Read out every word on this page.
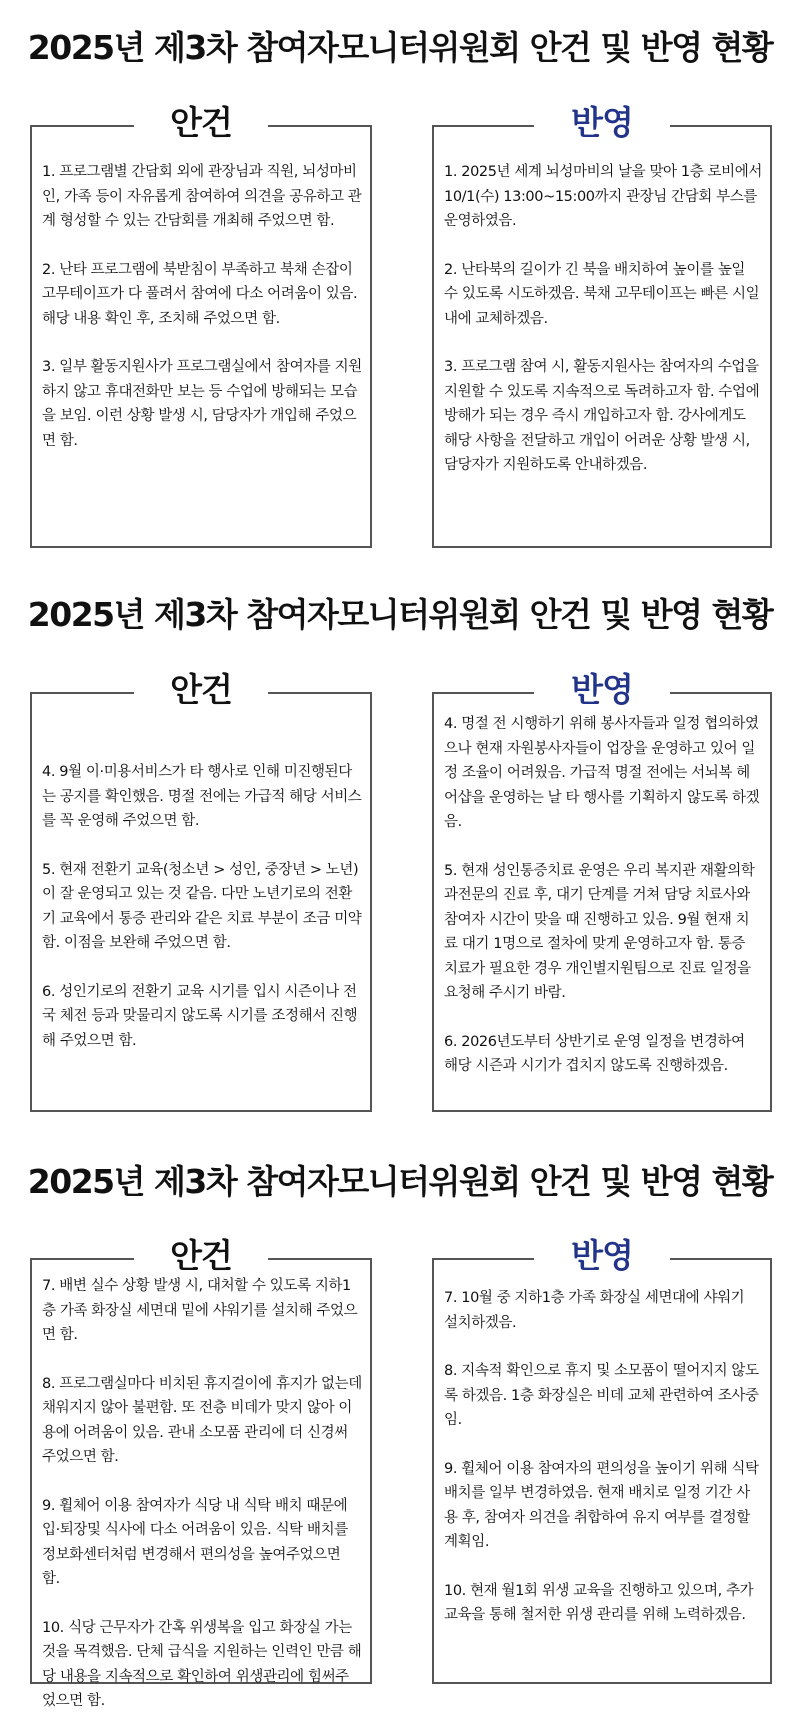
2025년 제3차 참여자모니터위원회 안건 및 반영 현황
안건
1. 프로그램별 간담회 외에 관장님과 직원, 뇌성마비인, 가족 등이 자유롭게 참여하여 의견을 공유하고 관계 형성할 수 있는 간담회를 개최해 주었으면 함.
2. 난타 프로그램에 북받침이 부족하고 북채 손잡이 고무테이프가 다 풀려서 참여에 다소 어려움이 있음. 해당 내용 확인 후, 조치해 주었으면 함.
3. 일부 활동지원사가 프로그램실에서 참여자를 지원하지 않고 휴대전화만 보는 등 수업에 방해되는 모습을 보임. 이런 상황 발생 시, 담당자가 개입해 주었으면 함.
반영
1. 2025년 세계 뇌성마비의 날을 맞아 1층 로비에서 10/1(수) 13:00~15:00까지 관장님 간담회 부스를 운영하였음.
2. 난타북의 길이가 긴 북을 배치하여 높이를 높일 수 있도록 시도하겠음. 북채 고무테이프는 빠른 시일 내에 교체하겠음.
3. 프로그램 참여 시, 활동지원사는 참여자의 수업을 지원할 수 있도록 지속적으로 독려하고자 함. 수업에 방해가 되는 경우 즉시 개입하고자 함. 강사에게도 해당 사항을 전달하고 개입이 어려운 상황 발생 시, 담당자가 지원하도록 안내하겠음.
2025년 제3차 참여자모니터위원회 안건 및 반영 현황
안건
4. 9월 이·미용서비스가 타 행사로 인해 미진행된다는 공지를 확인했음. 명절 전에는 가급적 해당 서비스를 꼭 운영해 주었으면 함.
5. 현재 전환기 교육(청소년 > 성인, 중장년 > 노년)이 잘 운영되고 있는 것 같음. 다만 노년기로의 전환기 교육에서 통증 관리와 같은 치료 부분이 조금 미약함. 이점을 보완해 주었으면 함.
6. 성인기로의 전환기 교육 시기를 입시 시즌이나 전국 체전 등과 맞물리지 않도록 시기를 조정해서 진행해 주었으면 함.
반영
4. 명절 전 시행하기 위해 봉사자들과 일정 협의하였으나 현재 자원봉사자들이 업장을 운영하고 있어 일정 조율이 어려웠음. 가급적 명절 전에는 서뇌복 헤어샵을 운영하는 날 타 행사를 기획하지 않도록 하겠음.
5. 현재 성인통증치료 운영은 우리 복지관 재활의학과전문의 진료 후, 대기 단계를 거쳐 담당 치료사와 참여자 시간이 맞을 때 진행하고 있음. 9월 현재 치료 대기 1명으로 절차에 맞게 운영하고자 함. 통증 치료가 필요한 경우 개인별지원팀으로 진료 일정을 요청해 주시기 바람.
6. 2026년도부터 상반기로 운영 일정을 변경하여 해당 시즌과 시기가 겹치지 않도록 진행하겠음.
2025년 제3차 참여자모니터위원회 안건 및 반영 현황
안건
7. 배변 실수 상황 발생 시, 대처할 수 있도록 지하1층 가족 화장실 세면대 밑에 샤워기를 설치해 주었으면 함.
8. 프로그램실마다 비치된 휴지걸이에 휴지가 없는데 채워지지 않아 불편함. 또 전층 비데가 맞지 않아 이용에 어려움이 있음. 관내 소모품 관리에 더 신경써 주었으면 함.
9. 휠체어 이용 참여자가 식당 내 식탁 배치 때문에 입·퇴장및 식사에 다소 어려움이 있음. 식탁 배치를 정보화센터처럼 변경해서 편의성을 높여주었으면 함.
10. 식당 근무자가 간혹 위생복을 입고 화장실 가는 것을 목격했음. 단체 급식을 지원하는 인력인 만큼 해당 내용을 지속적으로 확인하여 위생관리에 힘써주었으면 함.
반영
7. 10월 중 지하1층 가족 화장실 세면대에 샤워기 설치하겠음.
8. 지속적 확인으로 휴지 및 소모품이 떨어지지 않도록 하겠음. 1층 화장실은 비데 교체 관련하여 조사중임.
9. 휠체어 이용 참여자의 편의성을 높이기 위해 식탁 배치를 일부 변경하였음. 현재 배치로 일정 기간 사용 후, 참여자 의견을 취합하여 유지 여부를 결정할 계획임.
10. 현재 월1회 위생 교육을 진행하고 있으며, 추가 교육을 통해 철저한 위생 관리를 위해 노력하겠음.
